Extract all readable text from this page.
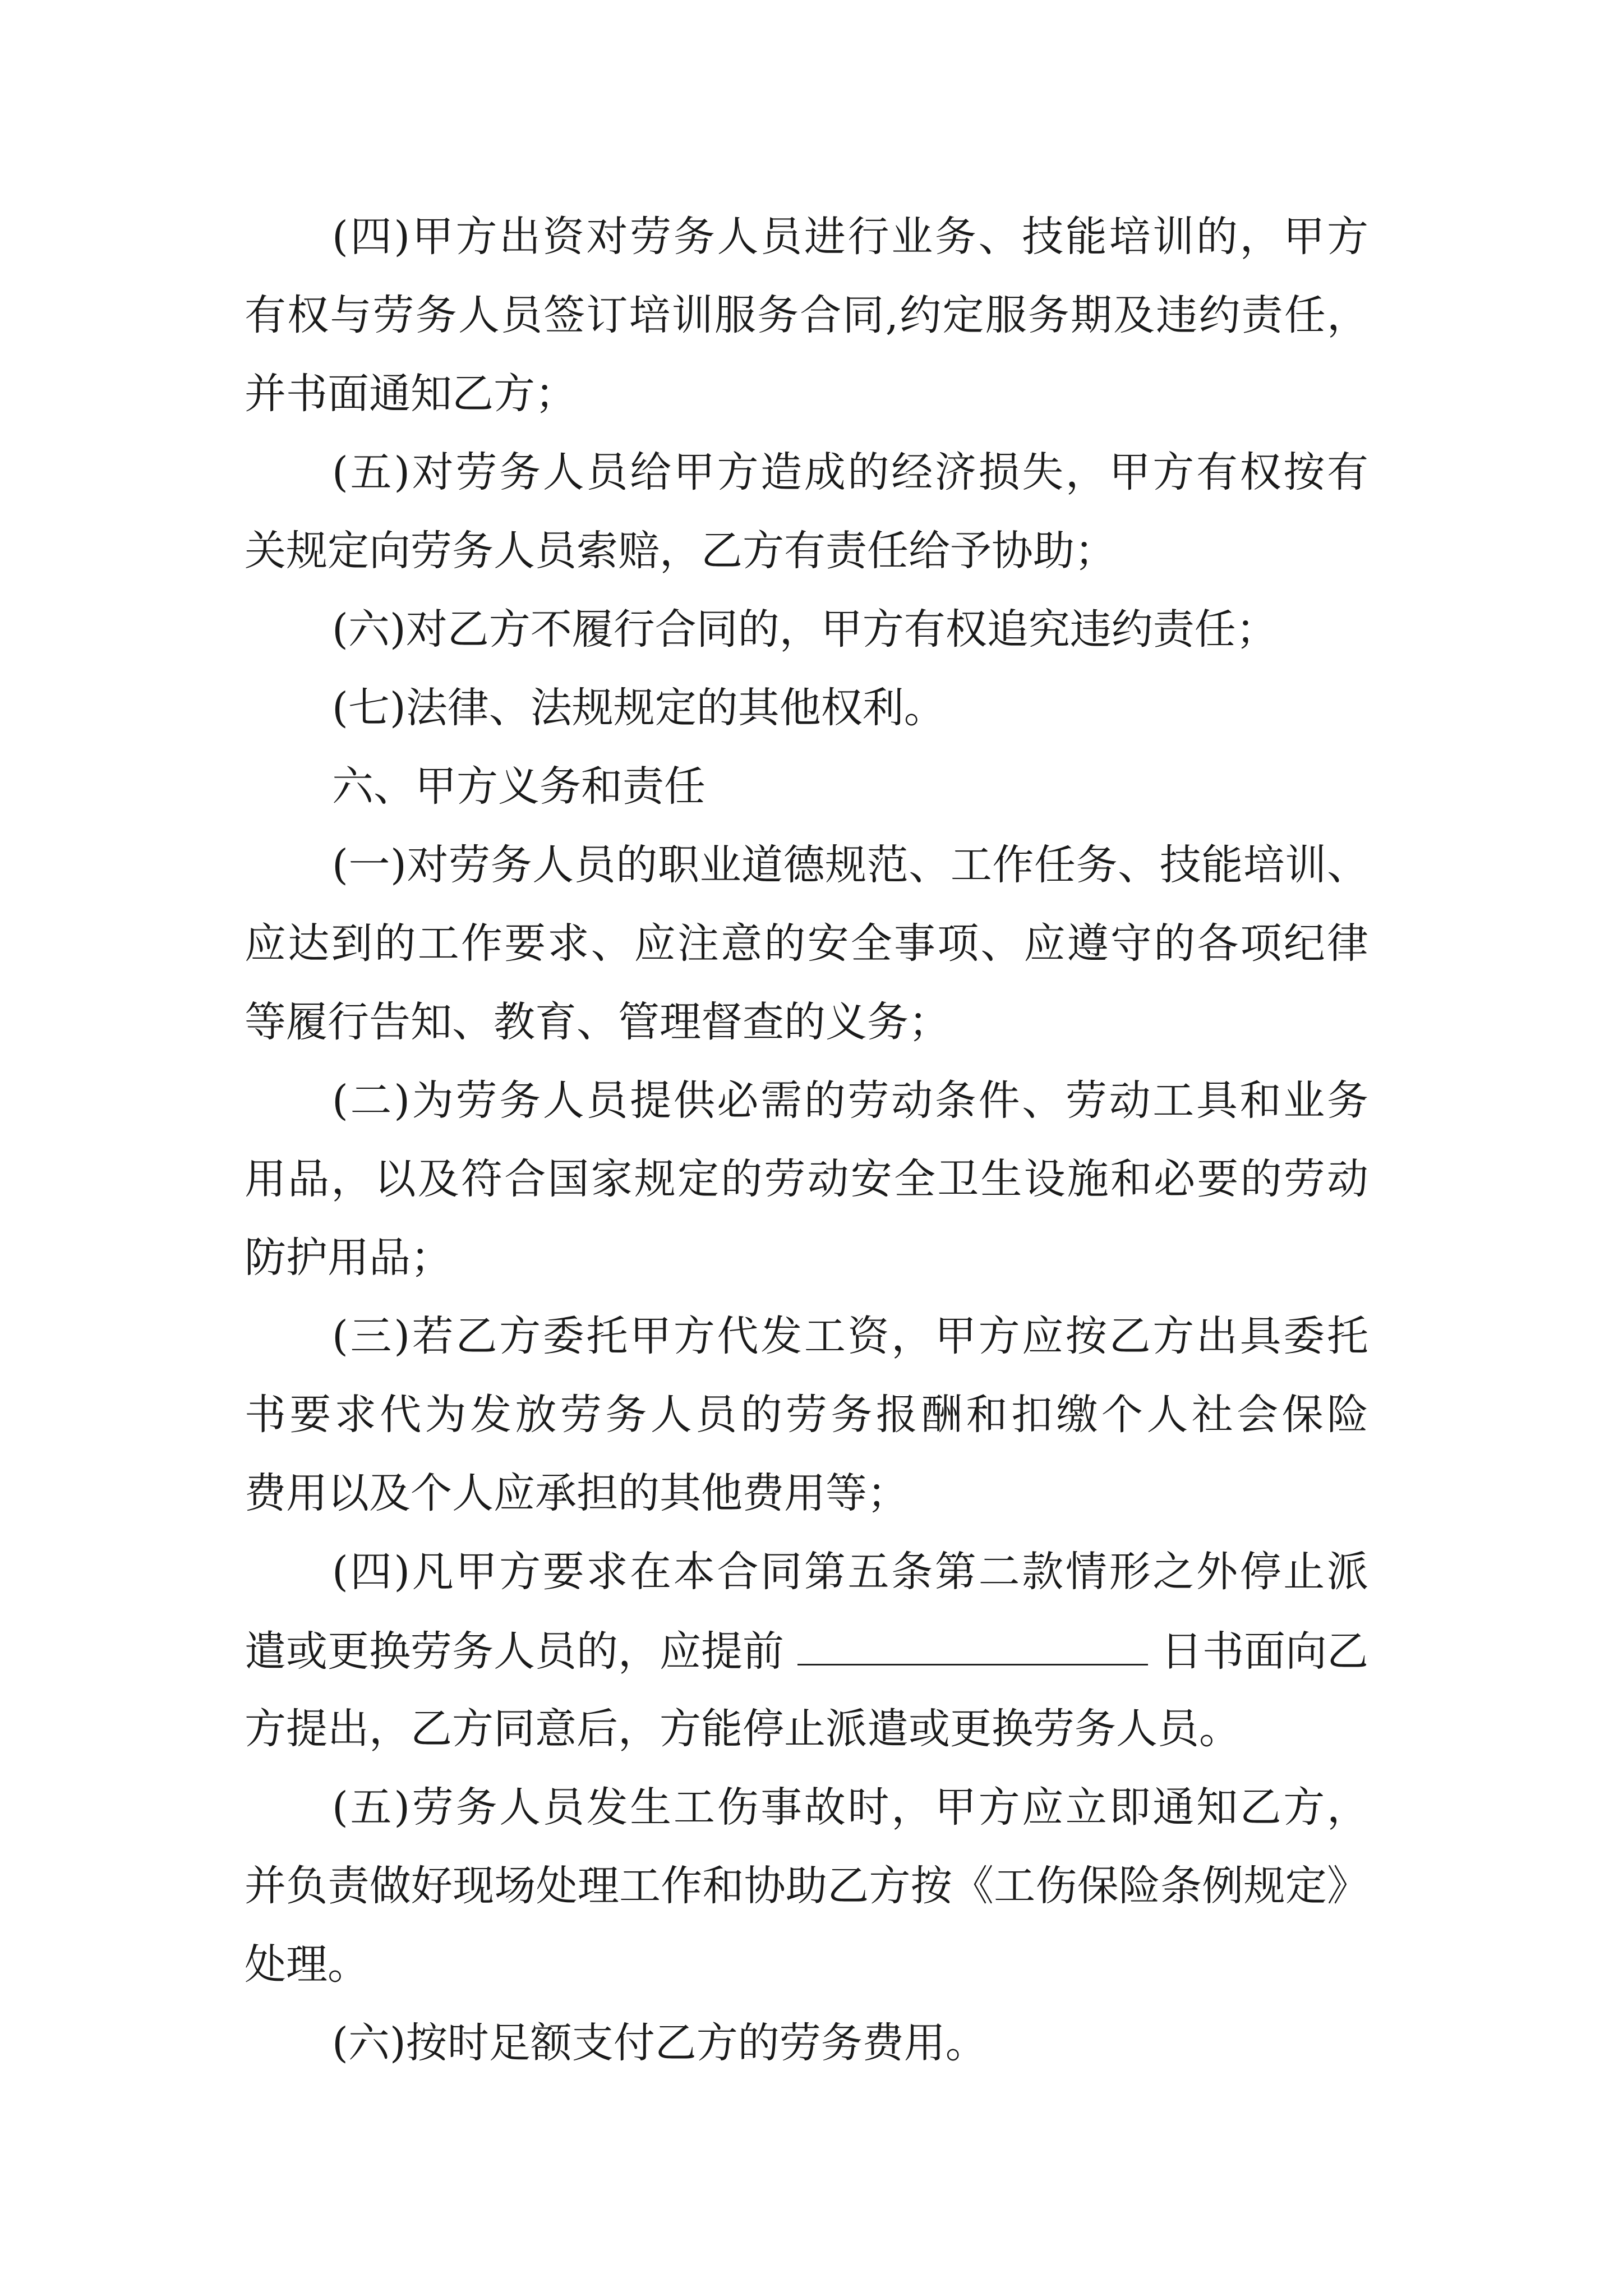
(四)甲方出资对劳务人员进行业务、技能培训的，甲方
有权与劳务人员签订培训服务合同,约定服务期及违约责任，
并书面通知乙方；
(五)对劳务人员给甲方造成的经济损失，甲方有权按有
关规定向劳务人员索赔，乙方有责任给予协助；
(六)对乙方不履行合同的，甲方有权追究违约责任；
(七)法律、法规规定的其他权利。
六、甲方义务和责任
(一)对劳务人员的职业道德规范、工作任务、技能培训、
应达到的工作要求、应注意的安全事项、应遵守的各项纪律
等履行告知、教育、管理督查的义务；
(二)为劳务人员提供必需的劳动条件、劳动工具和业务
用品，以及符合国家规定的劳动安全卫生设施和必要的劳动
防护用品；
(三)若乙方委托甲方代发工资，甲方应按乙方出具委托
书要求代为发放劳务人员的劳务报酬和扣缴个人社会保险
费用以及个人应承担的其他费用等；
(四)凡甲方要求在本合同第五条第二款情形之外停止派
遣或更换劳务人员的，应提前	日书面向乙
方提出，乙方同意后，方能停止派遣或更换劳务人员。
(五)劳务人员发生工伤事故时，甲方应立即通知乙方，
并负责做好现场处理工作和协助乙方按《工伤保险条例规定》
处理。
(六)按时足额支付乙方的劳务费用。
